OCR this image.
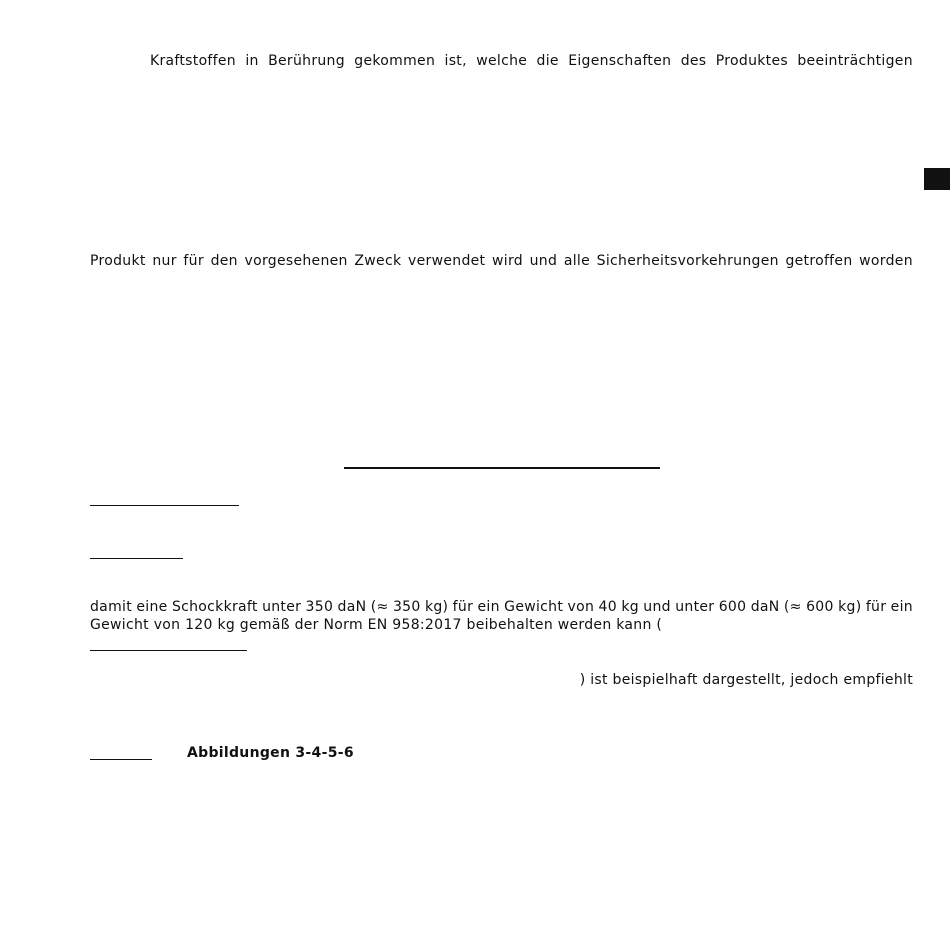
Kraftstoffen in Berührung gekommen ist, welche die Eigenschaften des Produktes beeinträchtigen
Produkt nur für den vorgesehenen Zweck verwendet wird und alle Sicherheitsvorkehrungen getroffen worden
damit eine Schockkraft unter 350 daN (≈ 350 kg) für ein Gewicht von 40 kg und unter 600 daN (≈ 600 kg) für ein
Gewicht von 120 kg gemäß der Norm EN 958:2017 beibehalten werden kann (
) ist beispielhaft dargestellt, jedoch empfiehlt
Abbildungen 3-4-5-6
